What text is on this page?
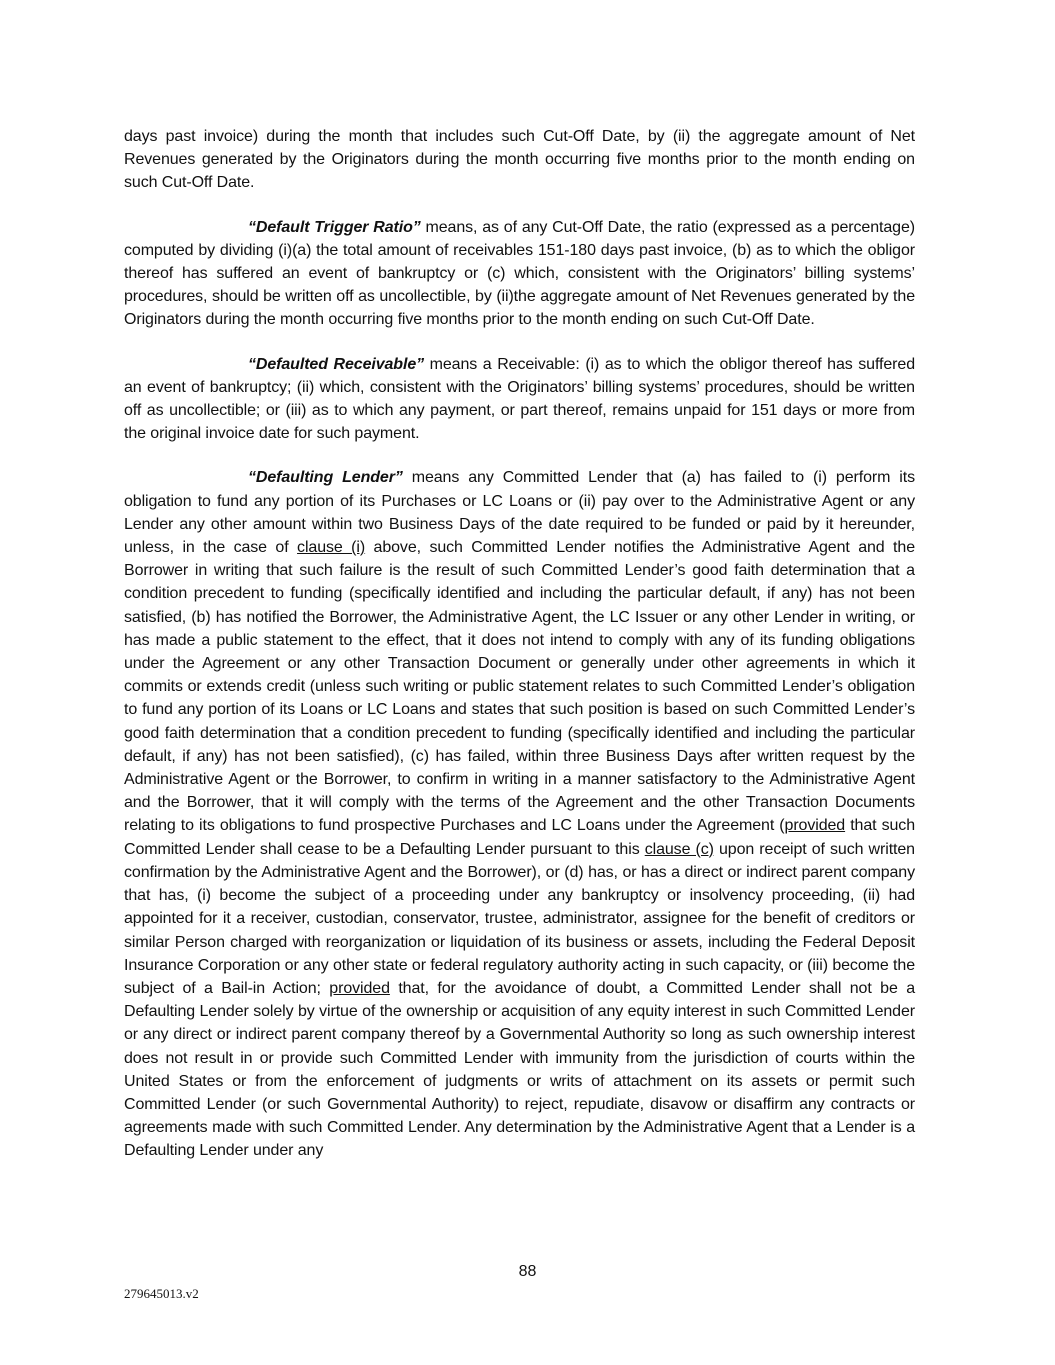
days past invoice) during the month that includes such Cut-Off Date, by (ii) the aggregate amount of Net Revenues generated by the Originators during the month occurring five months prior to the month ending on such Cut-Off Date.

“Default Trigger Ratio” means, as of any Cut-Off Date, the ratio (expressed as a percentage) computed by dividing (i)(a) the total amount of receivables 151-180 days past invoice, (b) as to which the obligor thereof has suffered an event of bankruptcy or (c) which, consistent with the Originators’ billing systems’ procedures, should be written off as uncollectible, by (ii)the aggregate amount of Net Revenues generated by the Originators during the month occurring five months prior to the month ending on such Cut-Off Date.

“Defaulted Receivable” means a Receivable: (i) as to which the obligor thereof has suffered an event of bankruptcy; (ii) which, consistent with the Originators’ billing systems’ procedures, should be written off as uncollectible; or (iii) as to which any payment, or part thereof, remains unpaid for 151 days or more from the original invoice date for such payment.

“Defaulting Lender” means any Committed Lender that (a) has failed to (i) perform its obligation to fund any portion of its Purchases or LC Loans or (ii) pay over to the Administrative Agent or any Lender any other amount within two Business Days of the date required to be funded or paid by it hereunder, unless, in the case of clause (i) above, such Committed Lender notifies the Administrative Agent and the Borrower in writing that such failure is the result of such Committed Lender’s good faith determination that a condition precedent to funding (specifically identified and including the particular default, if any) has not been satisfied, (b) has notified the Borrower, the Administrative Agent, the LC Issuer or any other Lender in writing, or has made a public statement to the effect, that it does not intend to comply with any of its funding obligations under the Agreement or any other Transaction Document or generally under other agreements in which it commits or extends credit (unless such writing or public statement relates to such Committed Lender’s obligation to fund any portion of its Loans or LC Loans and states that such position is based on such Committed Lender’s good faith determination that a condition precedent to funding (specifically identified and including the particular default, if any) has not been satisfied), (c) has failed, within three Business Days after written request by the Administrative Agent or the Borrower, to confirm in writing in a manner satisfactory to the Administrative Agent and the Borrower, that it will comply with the terms of the Agreement and the other Transaction Documents relating to its obligations to fund prospective Purchases and LC Loans under the Agreement (provided that such Committed Lender shall cease to be a Defaulting Lender pursuant to this clause (c) upon receipt of such written confirmation by the Administrative Agent and the Borrower), or (d) has, or has a direct or indirect parent company that has, (i) become the subject of a proceeding under any bankruptcy or insolvency proceeding, (ii) had appointed for it a receiver, custodian, conservator, trustee, administrator, assignee for the benefit of creditors or similar Person charged with reorganization or liquidation of its business or assets, including the Federal Deposit Insurance Corporation or any other state or federal regulatory authority acting in such capacity, or (iii) become the subject of a Bail-in Action; provided that, for the avoidance of doubt, a Committed Lender shall not be a Defaulting Lender solely by virtue of the ownership or acquisition of any equity interest in such Committed Lender or any direct or indirect parent company thereof by a Governmental Authority so long as such ownership interest does not result in or provide such Committed Lender with immunity from the jurisdiction of courts within the United States or from the enforcement of judgments or writs of attachment on its assets or permit such Committed Lender (or such Governmental Authority) to reject, repudiate, disavow or disaffirm any contracts or agreements made with such Committed Lender. Any determination by the Administrative Agent that a Lender is a Defaulting Lender under any

88
279645013.v2
